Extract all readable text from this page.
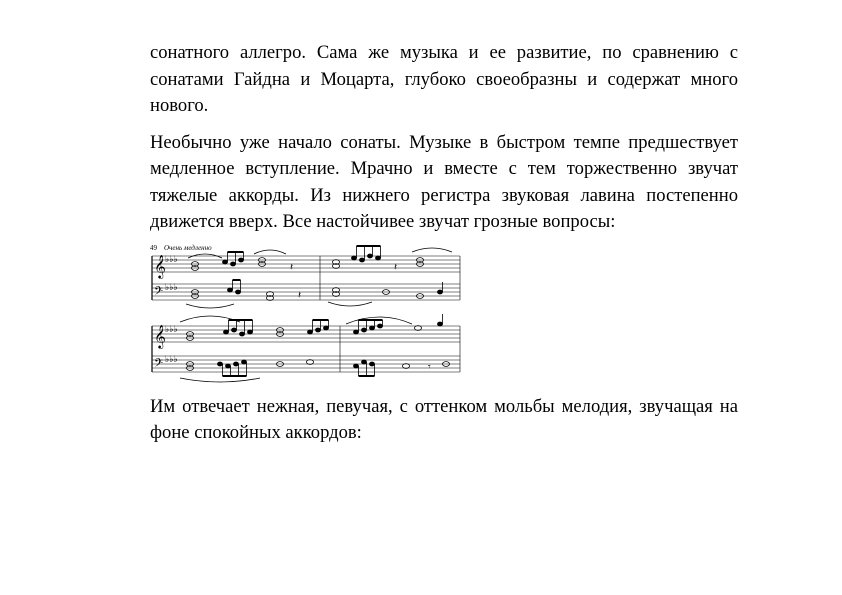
сонатного аллегро. Сама же музыка и ее развитие, по сравнению с сонатами Гайдна и Моцарта, глубоко своеобразны и содержат много нового.

Необычно уже начало сонаты. Музыке в быстром темпе предшествует медленное вступление. Мрачно и вместе с тем торжественно звучат тяжелые аккорды. Из нижнего регистра звуковая лавина постепенно движется вверх. Все настойчивее звучат грозные вопросы:

49 Очень медленно
𝄞
𝄢
𝄞
𝄢
♭♭♭
♭♭♭
♭♭♭
♭♭♭
𝄽	𝄽
𝄽
𝄾

Им отвечает нежная, певучая, с оттенком мольбы мелодия, звучащая на фоне спокойных аккордов:
